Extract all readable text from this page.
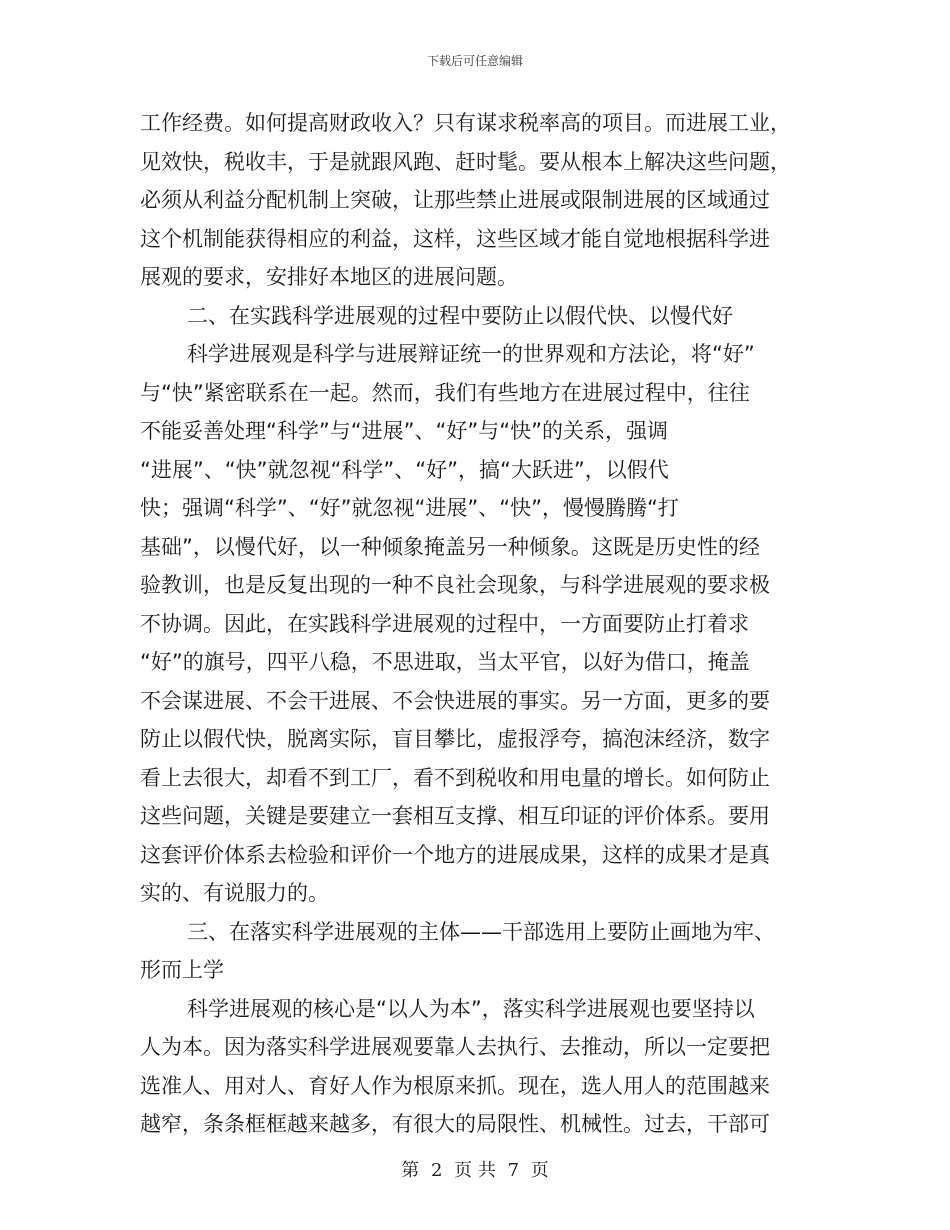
下载后可任意编辑
工作经费。如何提高财政收入？只有谋求税率高的项目。而进展工业，
见效快，税收丰，于是就跟风跑、赶时髦。要从根本上解决这些问题，
必须从利益分配机制上突破，让那些禁止进展或限制进展的区域通过
这个机制能获得相应的利益，这样，这些区域才能自觉地根据科学进
展观的要求，安排好本地区的进展问题。
二、在实践科学进展观的过程中要防止以假代快、以慢代好
科学进展观是科学与进展辩证统一的世界观和方法论，将“好”
与“快”紧密联系在一起。然而，我们有些地方在进展过程中，往往
不能妥善处理“科学”与“进展”、“好”与“快”的关系，强调
“进展”、“快”就忽视“科学”、“好”，搞“大跃进”，以假代
快；强调“科学”、“好”就忽视“进展”、“快”，慢慢腾腾“打
基础”，以慢代好，以一种倾象掩盖另一种倾象。这既是历史性的经
验教训，也是反复出现的一种不良社会现象，与科学进展观的要求极
不协调。因此，在实践科学进展观的过程中，一方面要防止打着求
“好”的旗号，四平八稳，不思进取，当太平官，以好为借口，掩盖
不会谋进展、不会干进展、不会快进展的事实。另一方面，更多的要
防止以假代快，脱离实际，盲目攀比，虚报浮夸，搞泡沫经济，数字
看上去很大，却看不到工厂，看不到税收和用电量的增长。如何防止
这些问题，关键是要建立一套相互支撑、相互印证的评价体系。要用
这套评价体系去检验和评价一个地方的进展成果，这样的成果才是真
实的、有说服力的。
三、在落实科学进展观的主体——干部选用上要防止画地为牢、
形而上学
科学进展观的核心是“以人为本”，落实科学进展观也要坚持以
人为本。因为落实科学进展观要靠人去执行、去推动，所以一定要把
选准人、用对人、育好人作为根原来抓。现在，选人用人的范围越来
越窄，条条框框越来越多，有很大的局限性、机械性。过去，干部可
第 2 页 共 7 页
